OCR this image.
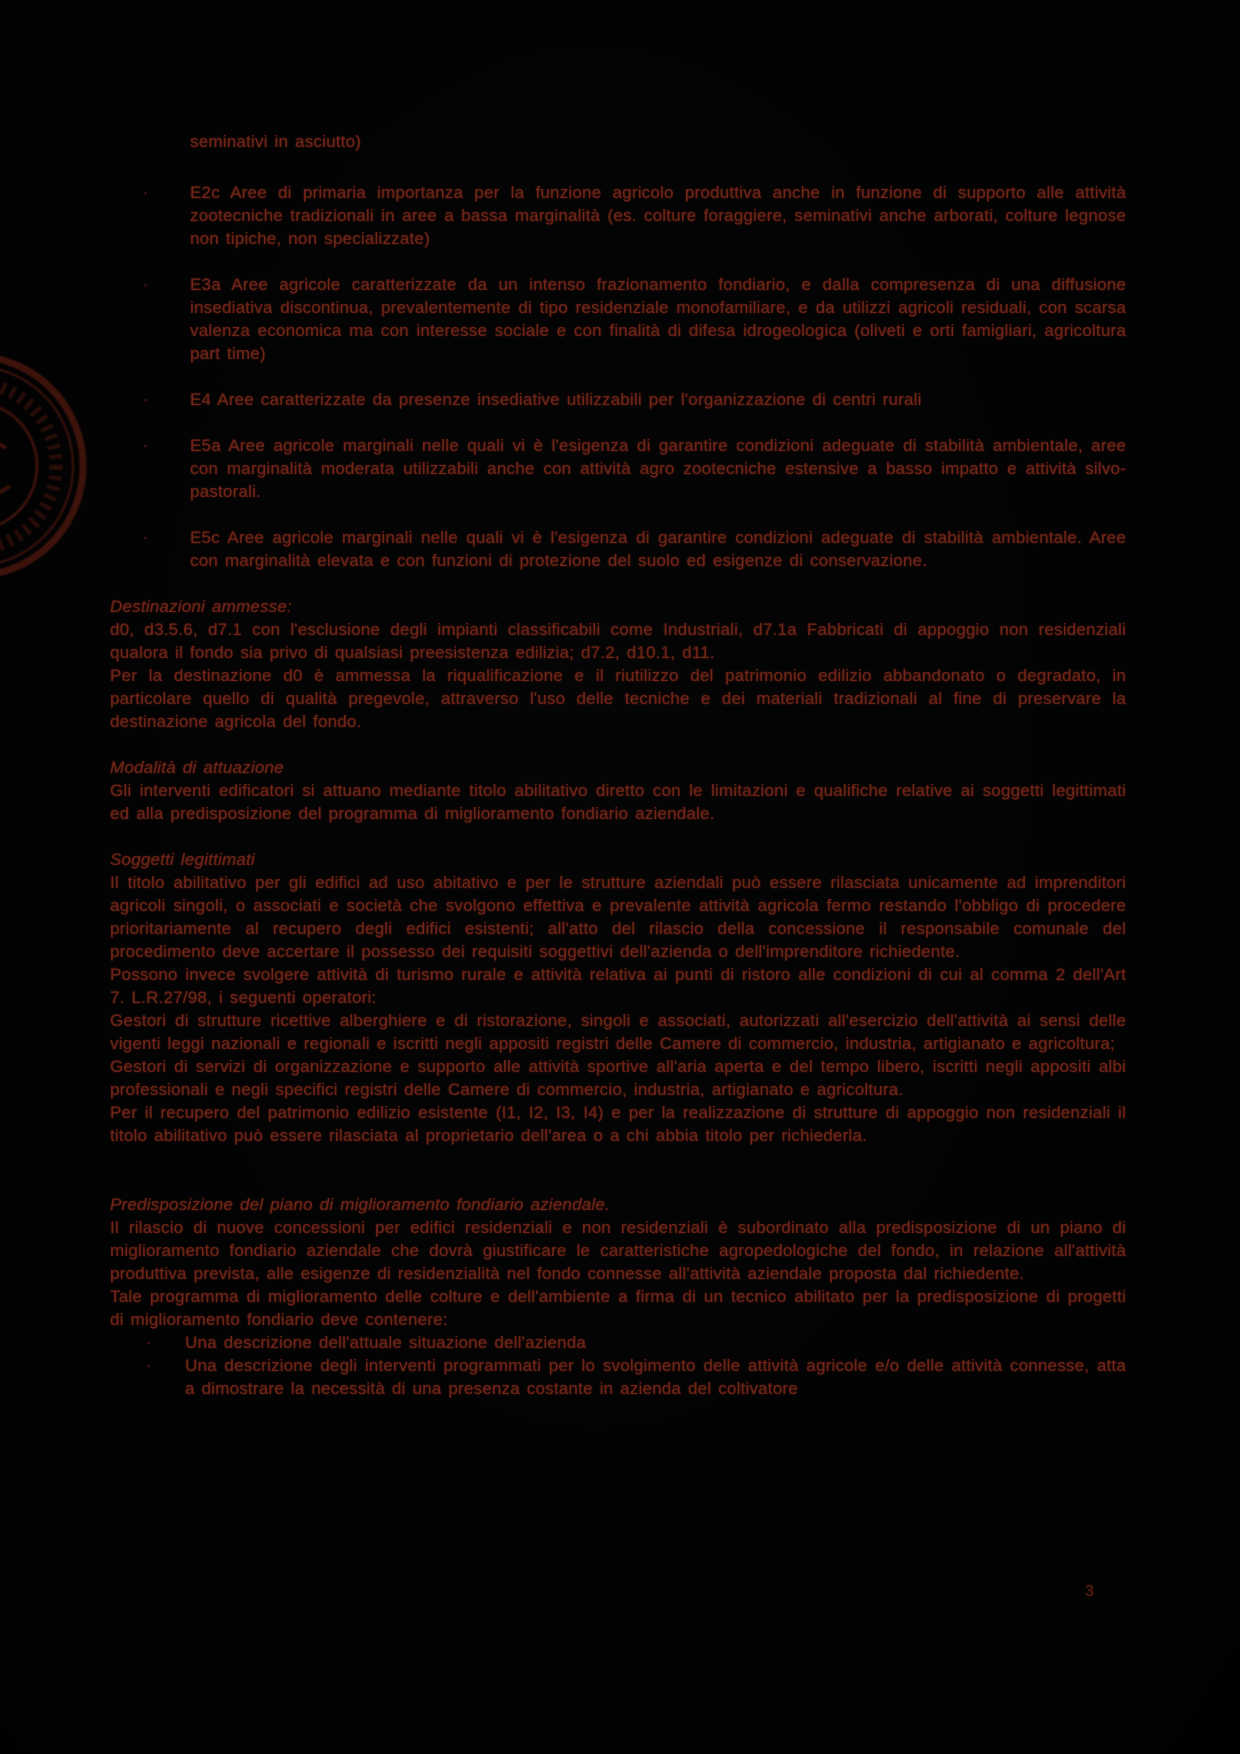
seminativi in asciutto)

· E2c Aree di primaria importanza per la funzione agricolo produttiva anche in funzione di supporto alle attività zootecniche tradizionali in aree a bassa marginalità (es. colture foraggiere, seminativi anche arborati, colture legnose non tipiche, non specializzate)
· E3a Aree agricole caratterizzate da un intenso frazionamento fondiario, e dalla compresenza di una diffusione insediativa discontinua, prevalentemente di tipo residenziale monofamiliare, e da utilizzi agricoli residuali, con scarsa valenza economica ma con interesse sociale e con finalità di difesa idrogeologica (oliveti e orti famigliari, agricoltura part time)
· E4 Aree caratterizzate da presenze insediative utilizzabili per l'organizzazione di centri rurali
· E5a Aree agricole marginali nelle quali vi è l'esigenza di garantire condizioni adeguate di stabilità ambientale, aree con marginalità moderata utilizzabili anche con attività agro zootecniche estensive a basso impatto e attività silvo-pastorali.
· E5c Aree agricole marginali nelle quali vi è l'esigenza di garantire condizioni adeguate di stabilità ambientale. Aree con marginalità elevata e con funzioni di protezione del suolo ed esigenze di conservazione.

Destinazioni ammesse:

d0, d3.5.6, d7.1 con l'esclusione degli impianti classificabili come Industriali, d7.1a Fabbricati di appoggio non residenziali qualora il fondo sia privo di qualsiasi preesistenza edilizia; d7.2, d10.1, d11.

Per la destinazione d0 è ammessa la riqualificazione e il riutilizzo del patrimonio edilizio abbandonato o degradato, in particolare quello di qualità pregevole, attraverso l'uso delle tecniche e dei materiali tradizionali al fine di preservare la destinazione agricola del fondo.

Modalità di attuazione

Gli interventi edificatori si attuano mediante titolo abilitativo diretto con le limitazioni e qualifiche relative ai soggetti legittimati ed alla predisposizione del programma di miglioramento fondiario aziendale.

Soggetti legittimati

Il titolo abilitativo per gli edifici ad uso abitativo e per le strutture aziendali può essere rilasciata unicamente ad imprenditori agricoli singoli, o associati e società che svolgono effettiva e prevalente attività agricola fermo restando l'obbligo di procedere prioritariamente al recupero degli edifici esistenti; all'atto del rilascio della concessione il responsabile comunale del procedimento deve accertare il possesso dei requisiti soggettivi dell'azienda o dell'imprenditore richiedente.

Possono invece svolgere attività di turismo rurale e attività relativa ai punti di ristoro alle condizioni di cui al comma 2 dell'Art 7. L.R.27/98, i seguenti operatori:

Gestori di strutture ricettive alberghiere e di ristorazione, singoli e associati, autorizzati all'esercizio dell'attività ai sensi delle vigenti leggi nazionali e regionali e iscritti negli appositi registri delle Camere di commercio, industria, artigianato e agricoltura;

Gestori di servizi di organizzazione e supporto alle attività sportive all'aria aperta e del tempo libero, iscritti negli appositi albi professionali e negli specifici registri delle Camere di commercio, industria, artigianato e agricoltura.

Per il recupero del patrimonio edilizio esistente (I1, I2, I3, I4) e per la realizzazione di strutture di appoggio non residenziali il titolo abilitativo può essere rilasciata al proprietario dell'area o a chi abbia titolo per richiederla.

Predisposizione del piano di miglioramento fondiario aziendale.

Il rilascio di nuove concessioni per edifici residenziali e non residenziali è subordinato alla predisposizione di un piano di miglioramento fondiario aziendale che dovrà giustificare le caratteristiche agropedologiche del fondo, in relazione all'attività produttiva prevista, alle esigenze di residenzialità nel fondo connesse all'attività aziendale proposta dal richiedente.

Tale programma di miglioramento delle colture e dell'ambiente a firma di un tecnico abilitato per la predisposizione di progetti di miglioramento fondiario deve contenere:

· Una descrizione dell'attuale situazione dell'azienda
· Una descrizione degli interventi programmati per lo svolgimento delle attività agricole e/o delle attività connesse, atta a dimostrare la necessità di una presenza costante in azienda del coltivatore
3
